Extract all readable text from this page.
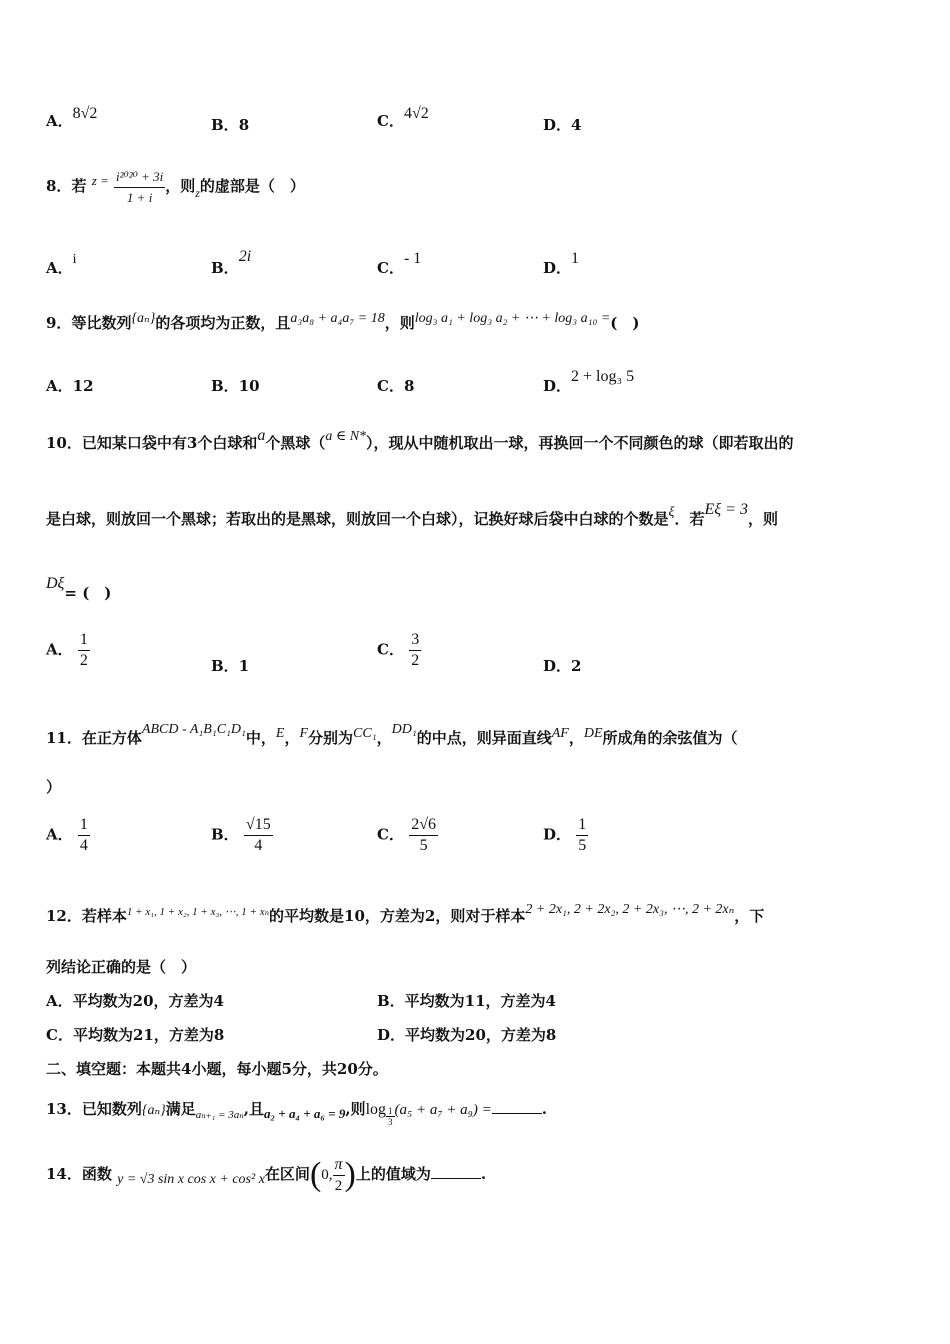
A．8√2
B．8	C．4√2
D．4
8．若 $z = \frac{\text{i²⁰²⁰ + 3i}}{1 + i}$ ，则$_z$的虚部是（　）
A．i	B．2i
C．- 1
D．1
9．等比数列{aₙ}的各项均为正数，且a₃a₈ + a₄a₇ = 18，则log₃ a₁ + log₃ a₂ + ⋯ + log₃ a₁₀ =(　)
A．12	B．10	C．8	D．2 + log₃ 5
10．已知某口袋中有3个白球和a个黑球（a ∈ N*），现从中随机取出一球，再换回一个不同颜色的球（即若取出的
是白球，则放回一个黑球；若取出的是黑球，则放回一个白球），记换好球后袋中白球的个数是ξ．若Eξ = 3，则
Dξ= (　)
A． $\frac{1}{2}$	B．1
C． $\frac{3}{2}$	D．2
11．在正方体ABCD - A₁B₁C₁D₁中，E，F分别为CC₁，DD₁的中点，则异面直线AF，DE所成角的余弦值为（
）
A． $\frac{1}{4}$	B． $\frac{√15}{4}$	C． $\frac{2√6}{5}$	D． $\frac{1}{5}$
12．若样本$^{1 + x_1, 1 + x_2, 1 + x_3, \cdots, 1 + x_n}$的平均数是10，方差为2，则对于样本2 + 2x₁, 2 + 2x₂, 2 + 2x₃, ⋯, 2 + 2xₙ，下
列结论正确的是（　）
A．平均数为20，方差为4	B．平均数为11，方差为4
C．平均数为21，方差为8	D．平均数为20，方差为8
二、填空题：本题共4小题，每小题5分，共20分。
13．已知数列{aₙ}满足$_{a_{n+1} = 3a_n}$,且a₂ + a₄ + a₆ = 9,则$\log \frac{1}{3} (a_5 + a_7 + a_9)$ =	.
14．函数 y = √3 sin x cos x + cos² x在区间(0, $\frac{\pi}{2}$ )上的值域为	.
